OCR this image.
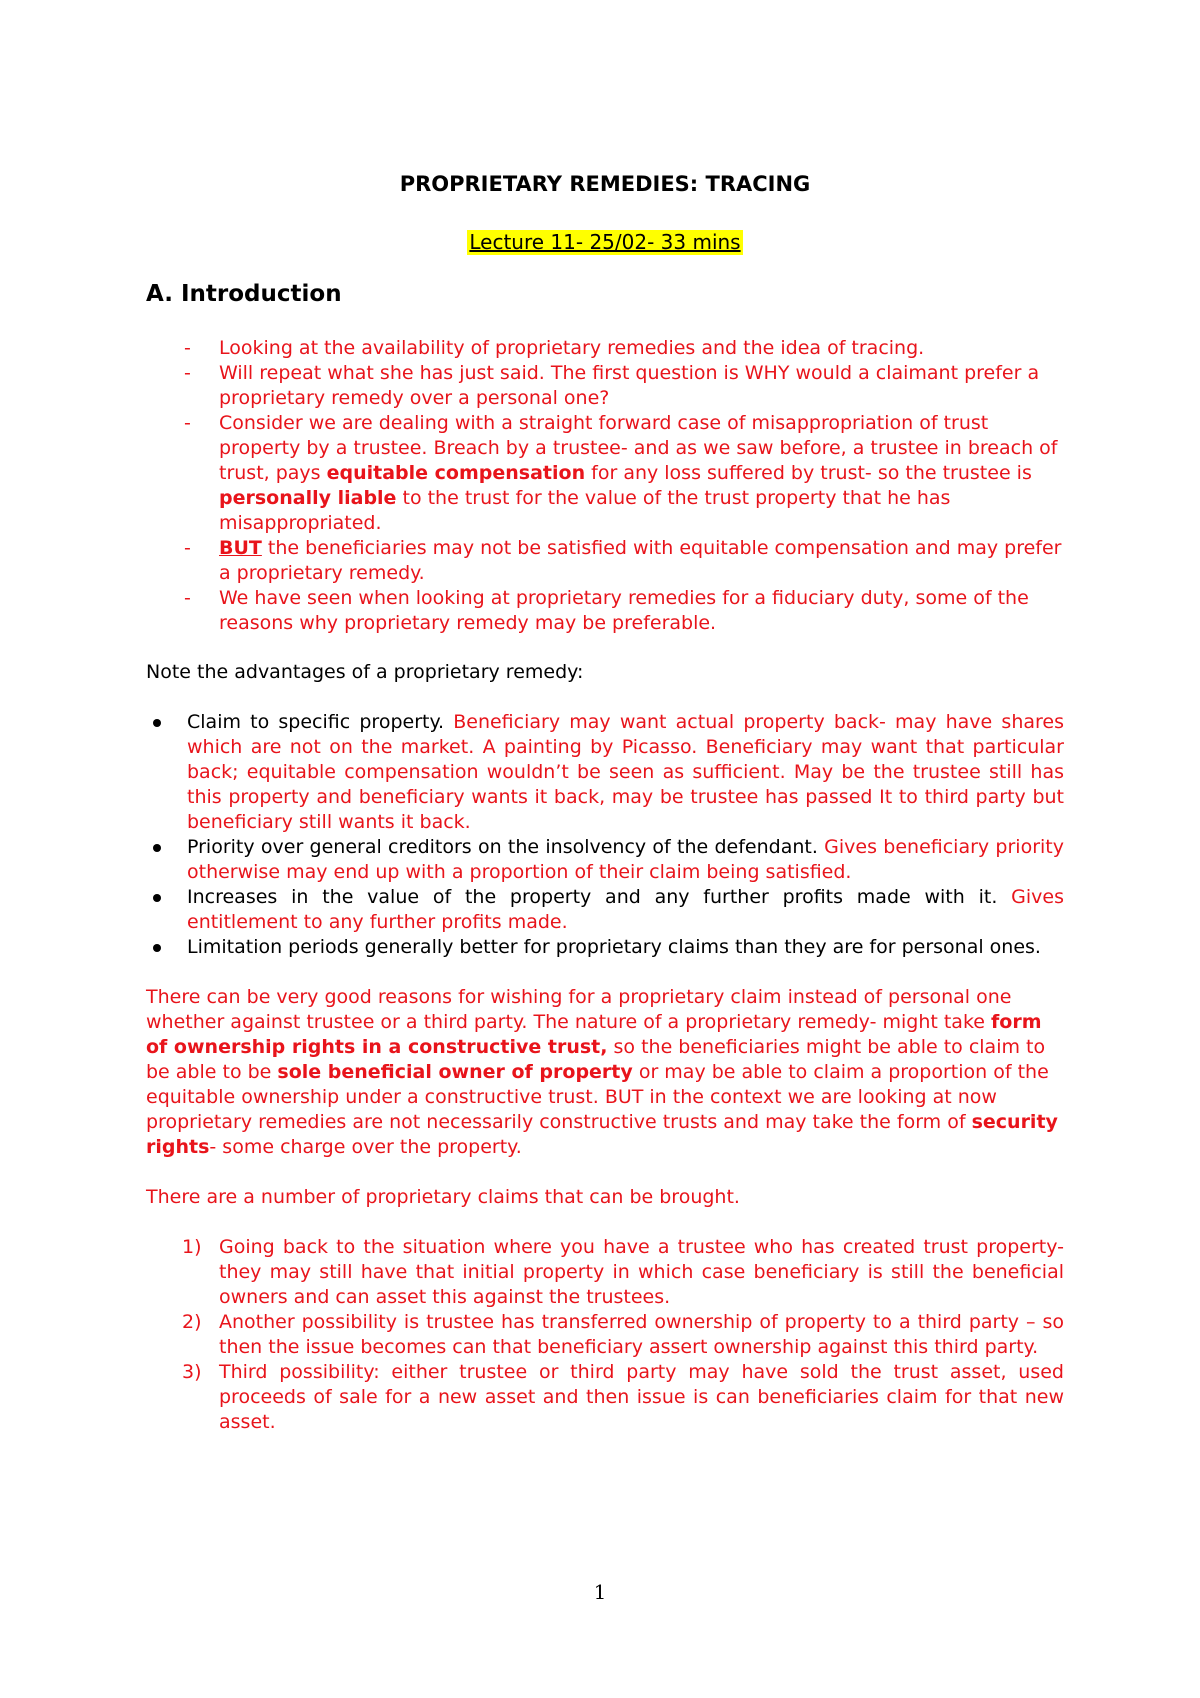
PROPRIETARY REMEDIES: TRACING
Lecture 11- 25/02- 33 mins
A. Introduction
- Looking at the availability of proprietary remedies and the idea of tracing.
- Will repeat what she has just said. The first question is WHY would a claimant prefer a proprietary remedy over a personal one?
- Consider we are dealing with a straight forward case of misappropriation of trust property by a trustee. Breach by a trustee- and as we saw before, a trustee in breach of trust, pays equitable compensation for any loss suffered by trust- so the trustee is personally liable to the trust for the value of the trust property that he has misappropriated.
- BUT the beneficiaries may not be satisfied with equitable compensation and may prefer a proprietary remedy.
- We have seen when looking at proprietary remedies for a fiduciary duty, some of the reasons why proprietary remedy may be preferable.

Note the advantages of a proprietary remedy:

Claim to specific property. Beneficiary may want actual property back- may have shares which are not on the market. A painting by Picasso. Beneficiary may want that particular back; equitable compensation wouldn’t be seen as sufficient. May be the trustee still has this property and beneficiary wants it back, may be trustee has passed It to third party but beneficiary still wants it back.
Priority over general creditors on the insolvency of the defendant. Gives beneficiary priority otherwise may end up with a proportion of their claim being satisfied.
Increases in the value of the property and any further profits made with it. Gives entitlement to any further profits made.
Limitation periods generally better for proprietary claims than they are for personal ones.

There can be very good reasons for wishing for a proprietary claim instead of personal one whether against trustee or a third party. The nature of a proprietary remedy- might take form of ownership rights in a constructive trust, so the beneficiaries might be able to claim to be able to be sole beneficial owner of property or may be able to claim a proportion of the equitable ownership under a constructive trust. BUT in the context we are looking at now proprietary remedies are not necessarily constructive trusts and may take the form of security rights- some charge over the property.

There are a number of proprietary claims that can be brought.

1) Going back to the situation where you have a trustee who has created trust property- they may still have that initial property in which case beneficiary is still the beneficial owners and can asset this against the trustees.
2) Another possibility is trustee has transferred ownership of property to a third party – so then the issue becomes can that beneficiary assert ownership against this third party.
3) Third possibility: either trustee or third party may have sold the trust asset, used proceeds of sale for a new asset and then issue is can beneficiaries claim for that new asset.
1
